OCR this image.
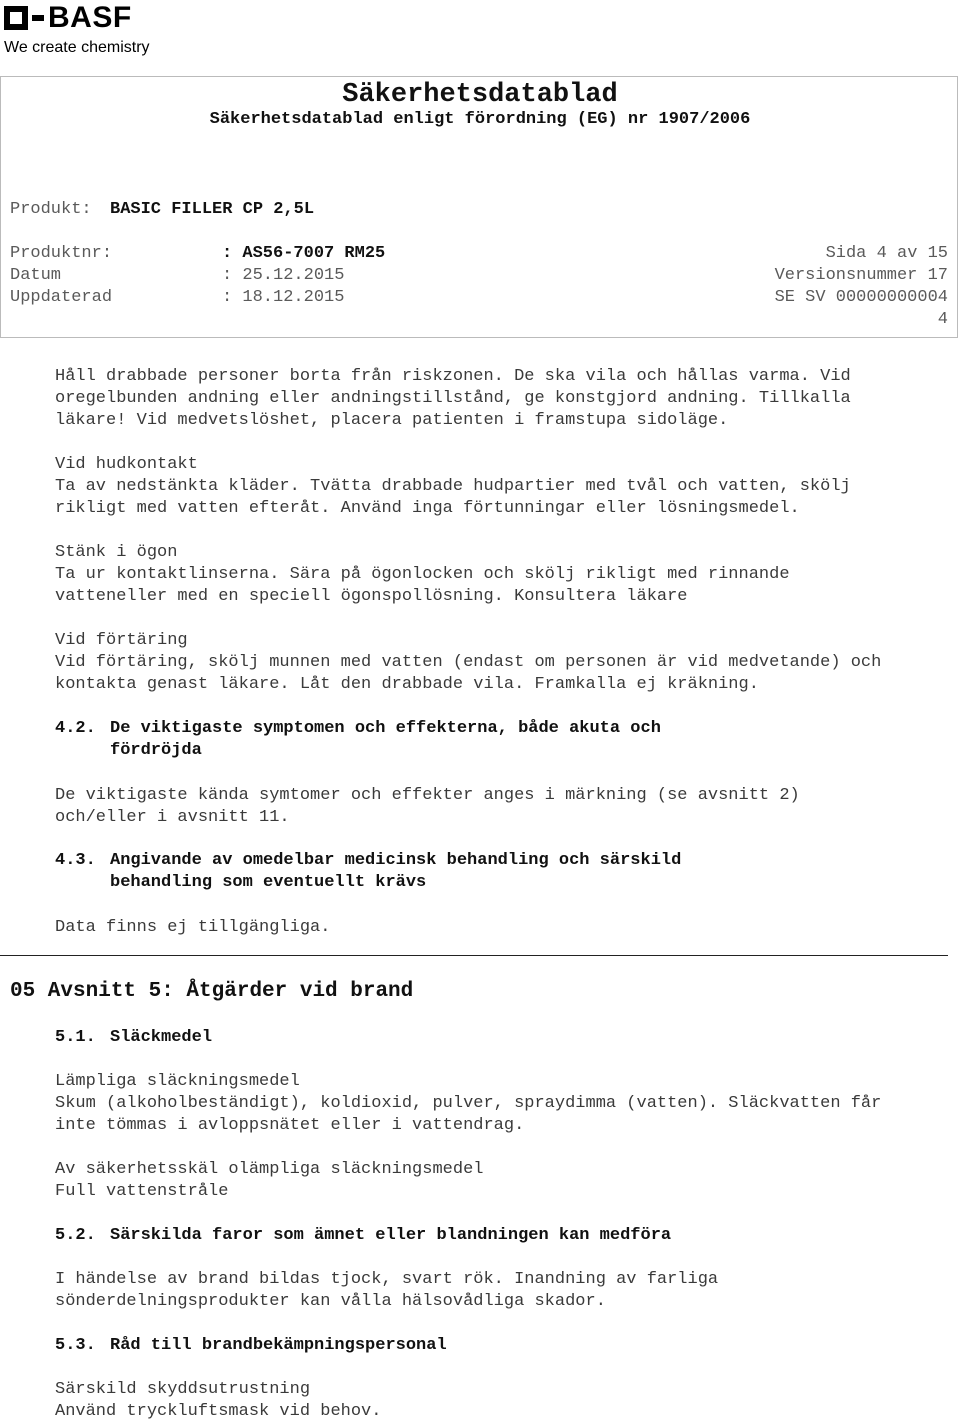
BASF
We create chemistry
Säkerhetsdatablad
Säkerhetsdatablad enligt förordning (EG) nr 1907/2006
Produkt: BASIC FILLER CP 2,5L
Produktnr:	: AS56-7007 RM25	Sida 4 av 15
Datum	: 25.12.2015	Versionsnummer 17
Uppdaterad	: 18.12.2015	SE SV 00000000004
4
Håll drabbade personer borta från riskzonen. De ska vila och hållas varma. Vid
oregelbunden andning eller andningstillstånd, ge konstgjord andning. Tillkalla
läkare! Vid medvetslöshet, placera patienten i framstupa sidoläge.
Vid hudkontakt
Ta av nedstänkta kläder. Tvätta drabbade hudpartier med tvål och vatten, skölj
rikligt med vatten efteråt. Använd inga förtunningar eller lösningsmedel.
Stänk i ögon
Ta ur kontaktlinserna. Sära på ögonlocken och skölj rikligt med rinnande
vatteneller med en speciell ögonspollösning. Konsultera läkare
Vid förtäring
Vid förtäring, skölj munnen med vatten (endast om personen är vid medvetande) och
kontakta genast läkare. Låt den drabbade vila. Framkalla ej kräkning.
4.2. De viktigaste symptomen och effekterna, både akuta och
fördröjda
De viktigaste kända symtomer och effekter anges i märkning (se avsnitt 2)
och/eller i avsnitt 11.
4.3. Angivande av omedelbar medicinsk behandling och särskild
behandling som eventuellt krävs
Data finns ej tillgängliga.
05 Avsnitt 5: Åtgärder vid brand
5.1. Släckmedel
Lämpliga släckningsmedel
Skum (alkoholbeständigt), koldioxid, pulver, spraydimma (vatten). Släckvatten får
inte tömmas i avloppsnätet eller i vattendrag.
Av säkerhetsskäl olämpliga släckningsmedel
Full vattenstråle
5.2. Särskilda faror som ämnet eller blandningen kan medföra
I händelse av brand bildas tjock, svart rök. Inandning av farliga
sönderdelningsprodukter kan vålla hälsovådliga skador.
5.3. Råd till brandbekämpningspersonal
Särskild skyddsutrustning
Använd tryckluftsmask vid behov.
